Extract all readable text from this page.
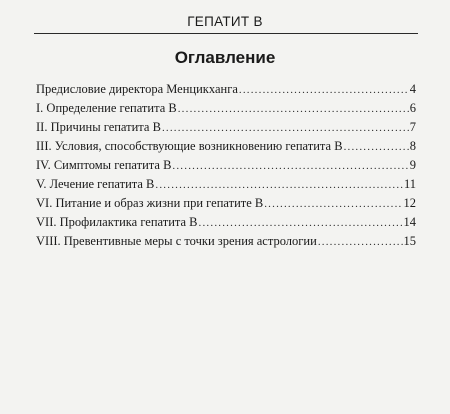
ГЕПАТИТ В
Оглавление
Предисловие директора Менцикханга .....	4
I. Определение гепатита В .....	6
II. Причины гепатита В .....	7
III. Условия, способствующие возникновению гепатита В .....	8
IV. Симптомы гепатита В .....	9
V. Лечение гепатита В .....	11
VI. Питание и образ жизни при гепатите В .....	12
VII. Профилактика гепатита В .....	14
VIII. Превентивные меры с точки зрения астрологии .....	15
